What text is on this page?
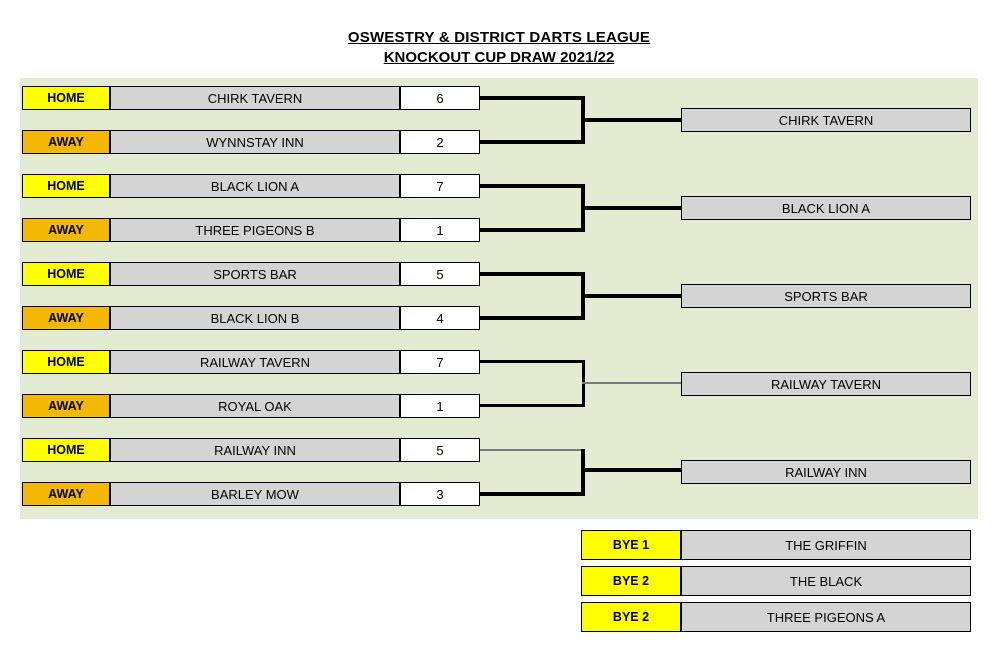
OSWESTRY & DISTRICT DARTS LEAGUE
KNOCKOUT CUP DRAW 2021/22
HOME	CHIRK TAVERN	6
AWAY	WYNNSTAY INN	2
CHIRK TAVERN
HOME	BLACK LION A	7
AWAY	THREE PIGEONS B	1
BLACK LION A
HOME	SPORTS BAR	5
AWAY	BLACK LION B	4
SPORTS BAR
HOME	RAILWAY TAVERN	7
AWAY	ROYAL OAK	1
RAILWAY TAVERN
HOME	RAILWAY INN	5
AWAY	BARLEY MOW	3
RAILWAY INN
BYE 1	THE GRIFFIN
BYE 2	THE BLACK
BYE 2	THREE PIGEONS A
